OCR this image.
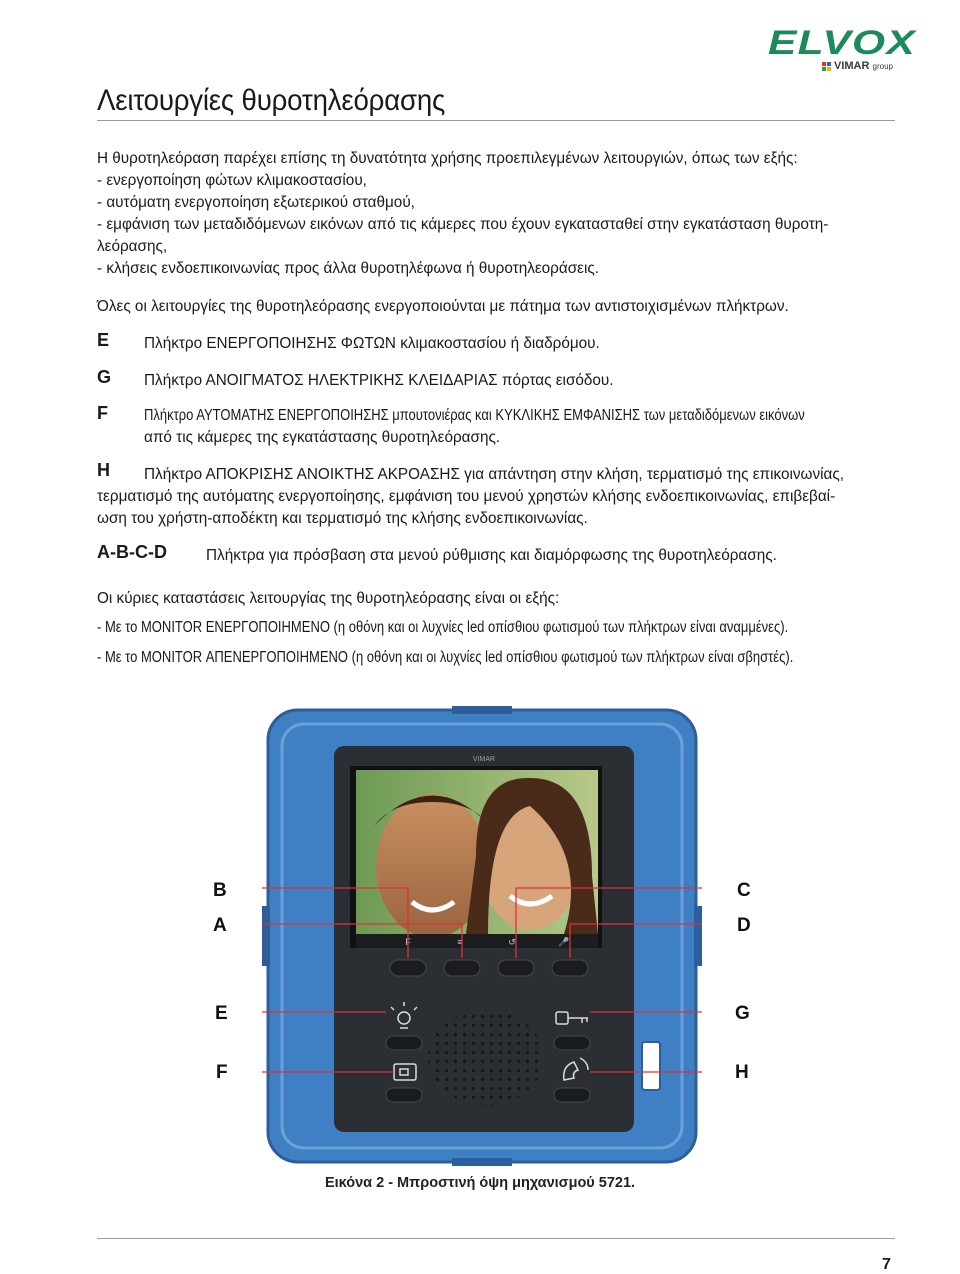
ELVOX
VIMAR group
Λειτουργίες θυροτηλεόρασης
Η θυροτηλεόραση παρέχει επίσης τη δυνατότητα χρήσης προεπιλεγμένων λειτουργιών, όπως των εξής:
- ενεργοποίηση φώτων κλιμακοστασίου,
- αυτόματη ενεργοποίηση εξωτερικού σταθμού,
- εμφάνιση των μεταδιδόμενων εικόνων από τις κάμερες που έχουν εγκατασταθεί στην εγκατάσταση θυροτη-
λεόρασης,
- κλήσεις ενδοεπικοινωνίας προς άλλα θυροτηλέφωνα ή θυροτηλεοράσεις.
Όλες οι λειτουργίες της θυροτηλεόρασης ενεργοποιούνται με πάτημα των αντιστοιχισμένων πλήκτρων.
E Πλήκτρο ΕΝΕΡΓΟΠΟΙΗΣΗΣ ΦΩΤΩΝ κλιμακοστασίου ή διαδρόμου.
G Πλήκτρο ΑΝΟΙΓΜΑΤΟΣ ΗΛΕΚΤΡΙΚΗΣ ΚΛΕΙΔΑΡΙΑΣ πόρτας εισόδου.
F Πλήκτρο ΑΥΤΟΜΑΤΗΣ ΕΝΕΡΓΟΠΟΙΗΣΗΣ μπουτονιέρας και ΚΥΚΛΙΚΗΣ ΕΜΦΑΝΙΣΗΣ των μεταδιδόμενων εικόνων
από τις κάμερες της εγκατάστασης θυροτηλεόρασης.
H Πλήκτρο ΑΠΟΚΡΙΣΗΣ ΑΝΟΙΚΤΗΣ ΑΚΡΟΑΣΗΣ για απάντηση στην κλήση, τερματισμό της επικοινωνίας,
τερματισμό της αυτόματης ενεργοποίησης, εμφάνιση του μενού χρηστών κλήσης ενδοεπικοινωνίας, επιβεβαί-
ωση του χρήστη-αποδέκτη και τερματισμό της κλήσης ενδοεπικοινωνίας.
A-B-C-D	Πλήκτρα για πρόσβαση στα μενού ρύθμισης και διαμόρφωσης της θυροτηλεόρασης.
Οι κύριες καταστάσεις λειτουργίας της θυροτηλεόρασης είναι οι εξής:
- Με το MONITOR ΕΝΕΡΓΟΠΟΙΗΜΕΝΟ (η οθόνη και οι λυχνίες led οπίσθιου φωτισμού των πλήκτρων είναι αναμμένες).
- Με το MONITOR ΑΠΕΝΕΡΓΟΠΟΙΗΜΕΝΟ (η οθόνη και οι λυχνίες led οπίσθιου φωτισμού των πλήκτρων είναι σβηστές).
VIMAR
F	≡	↺	🎤
B
A
C
D
E
F
G
H
Εικόνα 2 - Μπροστινή όψη μηχανισμού 5721.
7
